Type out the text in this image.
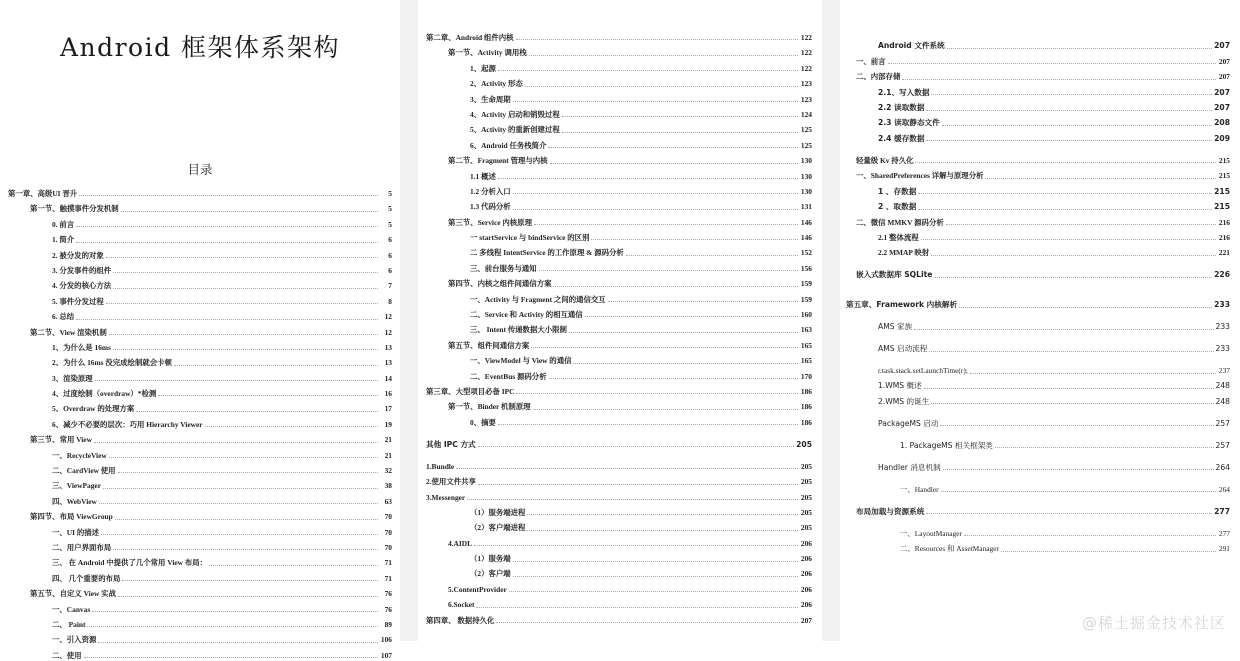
Android 框架体系架构
目录
第一章、高级UI 晋升	5
第一节、触摸事件分发机制	5
0. 前言	5
1. 简介	6
2. 被分发的对象	6
3. 分发事件的组件	6
4. 分发的核心方法	7
5. 事件分发过程	8
6. 总结	12
第二节、View 渲染机制	12
1、为什么是 16ms	13
2、为什么 16ms 没完成绘制就会卡顿	13
3、渲染原理	14
4、过度绘制（overdraw）*检测	16
5、Overdraw 的处理方案	17
6、减少不必要的层次：巧用 Hierarchy Viewer	19
第三节、常用 View	21
一、RecycleView	21
二、CardView 使用	32
三、ViewPager	38
四、WebView	63
第四节、布局 ViewGroup	70
一、UI 的描述	70
二、用户界面布局	70
三、 在 Android 中提供了几个常用 View 布局：	71
四、 几个重要的布局	71
第五节、自定义 View 实战	76
一、Canvas	76
二、 Paint	89
一、引入资源	106
二、使用	107
第二章、Android 组件内核	122
第一节、Activity 调用栈	122
1、起源	122
2、Activity 形态	123
3、生命周期	123
4、Activity 启动和销毁过程	124
5、Activity 的重新创建过程	125
6、Android 任务栈简介	125
第二节、Fragment 管理与内核	130
1.1 概述	130
1.2 分析入口	130
1.3 代码分析	131
第三节、Service 内核原理	146
一 startService 与 bindService 的区别	146
二 多线程 IntentService 的工作原理 & 源码分析	152
三、前台服务与通知	156
第四节、内核之组件间通信方案	159
一、Activity 与 Fragment 之间的通信交互	159
二、Service 和 Activity 的相互通信	160
三、 Intent 传递数据大小限制	163
第五节、组件间通信方案	165
一、ViewModel 与 View 的通信	165
二、EventBus 源码分析	170
第三章、大型项目必备 IPC	186
第一节、Binder 机制原理	186
0、摘要	186
其他 IPC 方式	205
1.Bundle	205
2.使用文件共享	205
3.Messenger	205
（1）服务端进程	205
（2）客户端进程	205
4.AIDL	206
（1）服务端	206
（2）客户端	206
5.ContentProvider	206
6.Socket	206
第四章、 数据持久化	207
Android 文件系统	207
一、前言	207
二、内部存储	207
2.1、写入数据	207
2.2 读取数据	207
2.3 读取静态文件	208
2.4 缓存数据	209
轻量级 Kv 持久化	215
一、SharedPreferences 详解与原理分析	215
1 、存数据	215
2 、取数据	215
二、微信 MMKV 源码分析	216
2.1 整体流程	216
2.2 MMAP 映射	221
嵌入式数据库 SQLite	226
第五章、Framework 内核解析	233
AMS 家族	233
AMS 启动流程	233
r.task.stack.setLaunchTime(r);	237
1.WMS 概述	248
2.WMS 的诞生	248
PackageMS 启动	257
1. PackageMS 相关框架类	257
Handler 消息机制	264
一、Handler	264
布局加载与资源系统	277
一、LayoutManager	277
二、Resources 和 AssetManager	291
@稀土掘金技术社区
